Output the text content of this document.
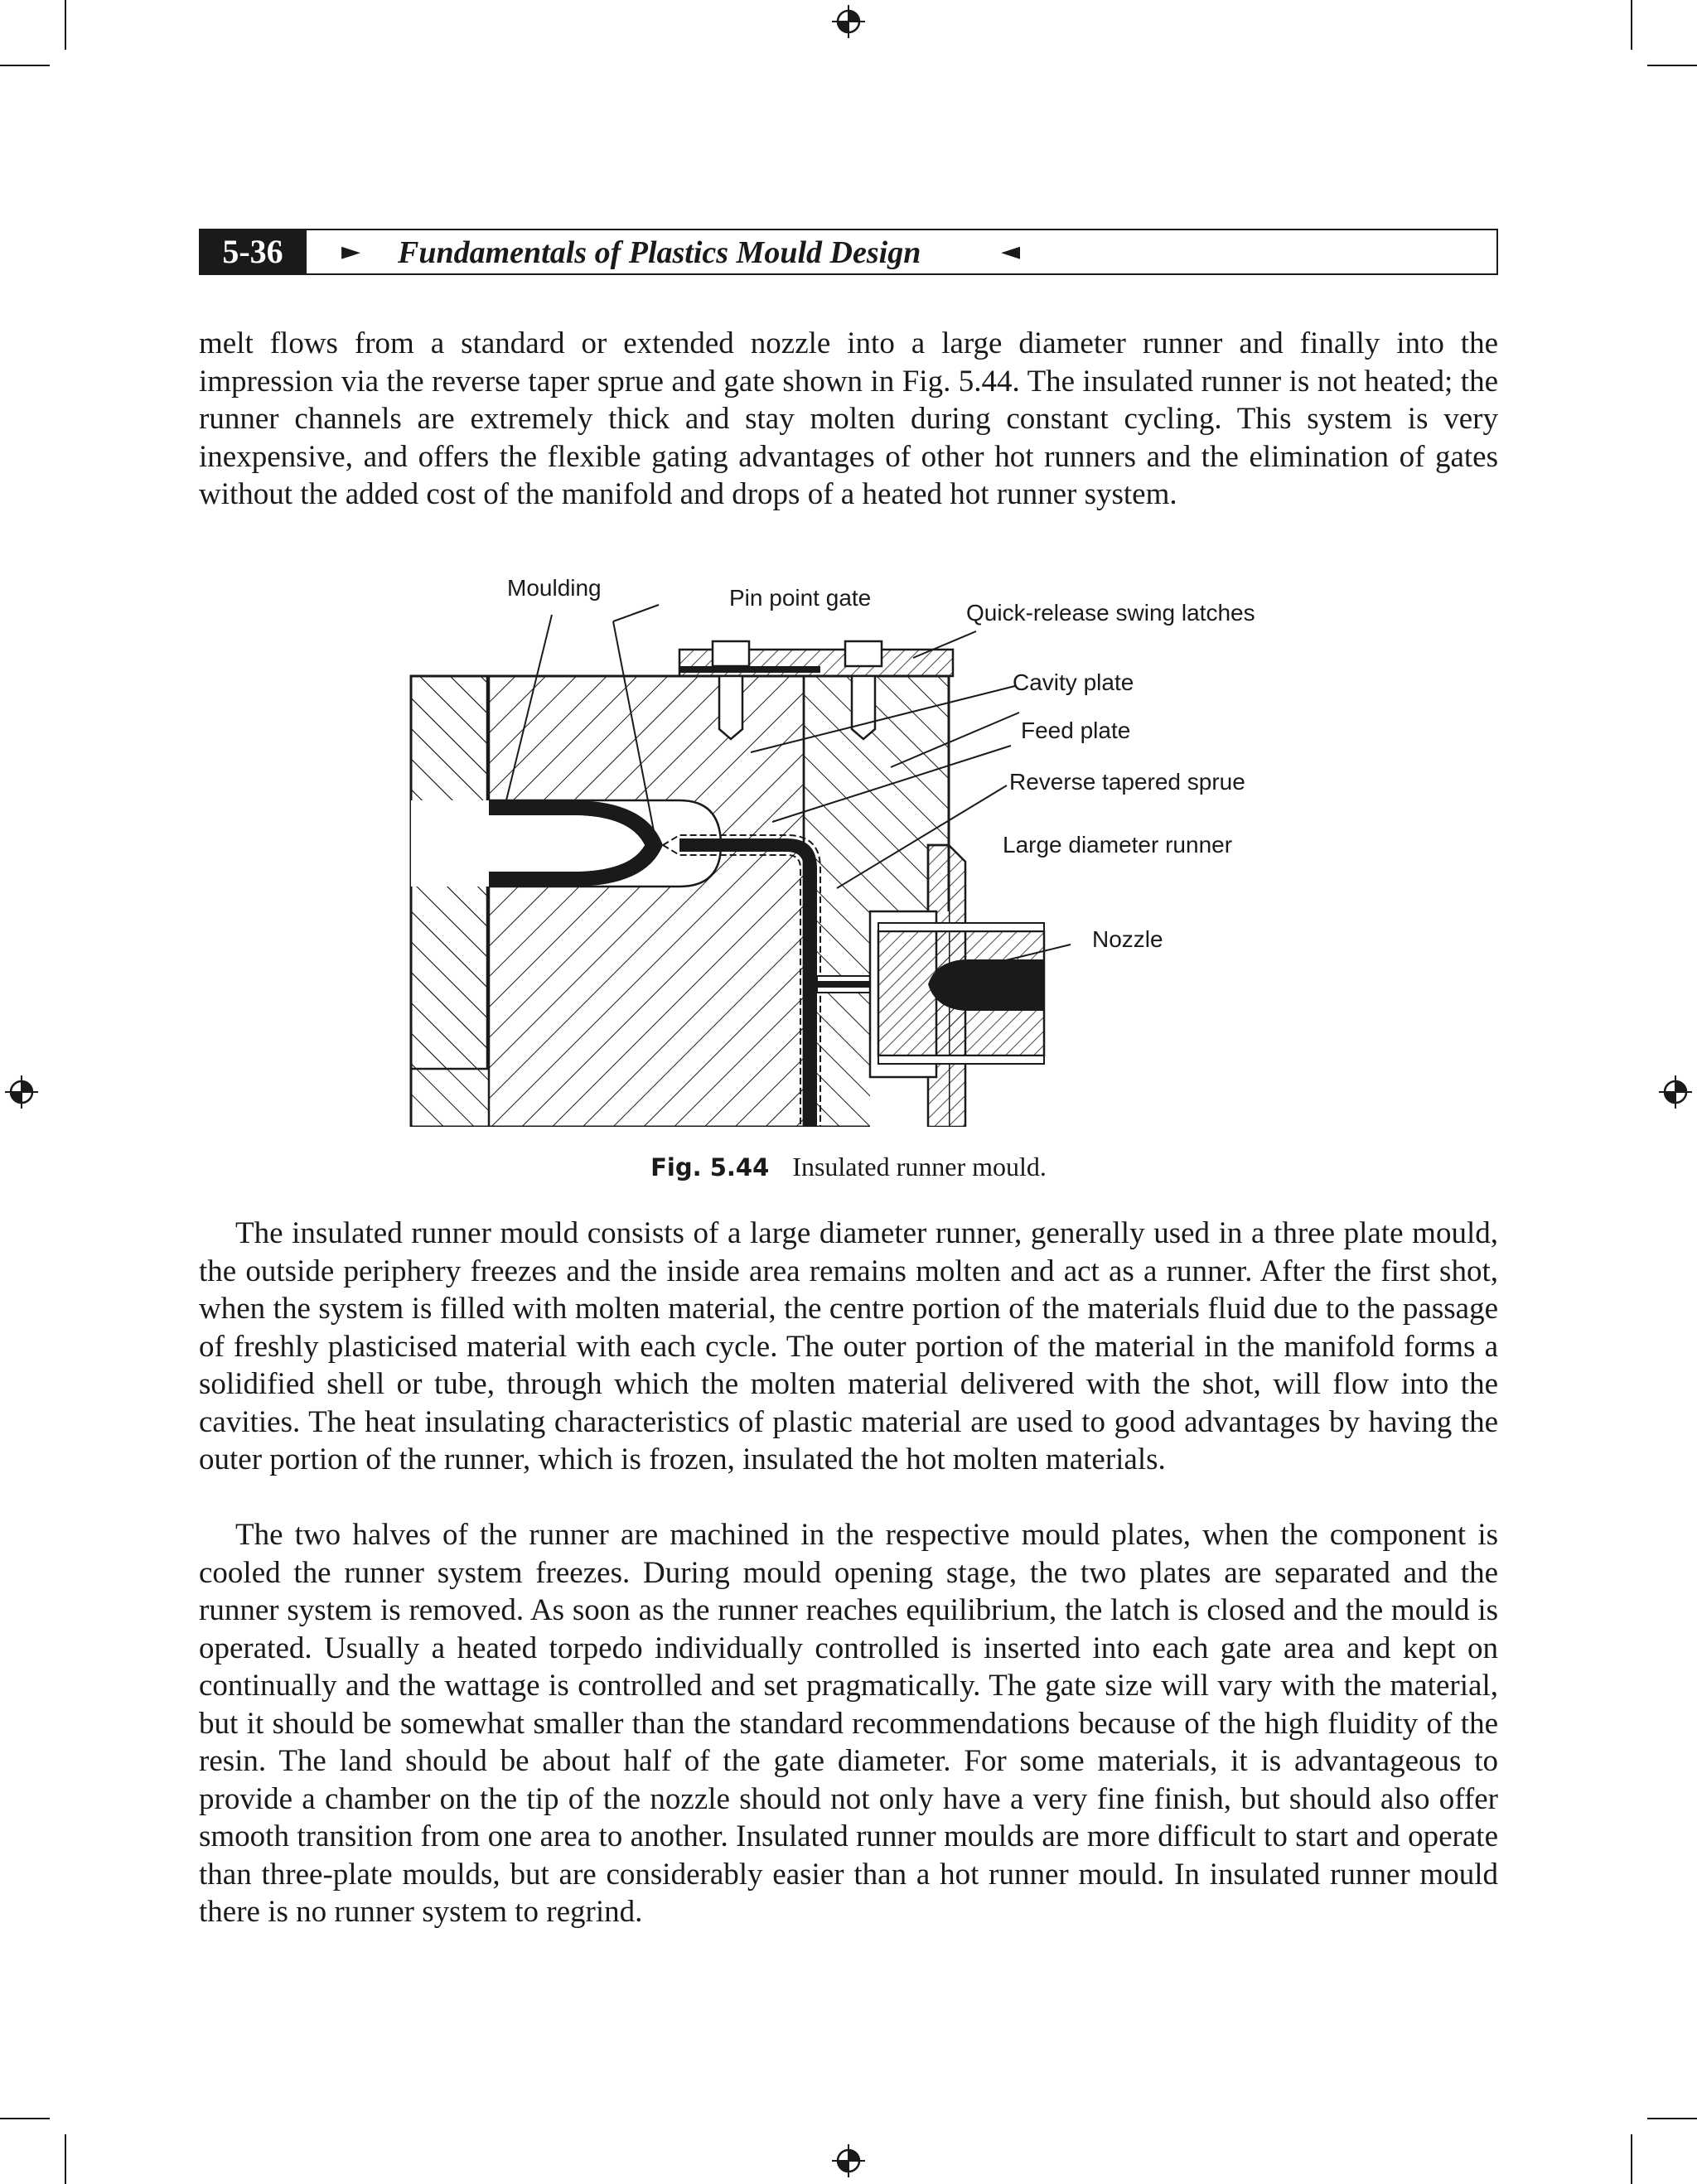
5-36	► Fundamentals of Plastics Mould Design	◄

melt flows from a standard or extended nozzle into a large diameter runner and finally into the impression via the reverse taper sprue and gate shown in Fig. 5.44. The insulated runner is not heated; the runner channels are extremely thick and stay molten during constant cycling. This system is very inexpensive, and offers the flexible gating advantages of other hot runners and the elimination of gates without the added cost of the manifold and drops of a heated hot runner system.

Moulding	Pin point gate
Quick-release swing latches
Cavity plate
Feed plate
Reverse tapered sprue
Large diameter runner
Nozzle
Fig. 5.44 Insulated runner mould.

The insulated runner mould consists of a large diameter runner, generally used in a three plate mould, the outside periphery freezes and the inside area remains molten and act as a runner. After the first shot, when the system is filled with molten material, the centre portion of the materials fluid due to the passage of freshly plasticised material with each cycle. The outer portion of the material in the manifold forms a solidified shell or tube, through which the molten material delivered with the shot, will flow into the cavities. The heat insulating characteristics of plastic material are used to good advantages by having the outer portion of the runner, which is frozen, insulated the hot molten materials.

The two halves of the runner are machined in the respective mould plates, when the component is cooled the runner system freezes. During mould opening stage, the two plates are separated and the runner system is removed. As soon as the runner reaches equilibrium, the latch is closed and the mould is operated. Usually a heated torpedo individually controlled is inserted into each gate area and kept on continually and the wattage is controlled and set pragmatically. The gate size will vary with the material, but it should be somewhat smaller than the standard recommendations because of the high fluidity of the resin. The land should be about half of the gate diameter. For some materials, it is advantageous to provide a chamber on the tip of the nozzle should not only have a very fine finish, but should also offer smooth transition from one area to another. Insulated runner moulds are more difficult to start and operate than three-plate moulds, but are considerably easier than a hot runner mould. In insulated runner mould there is no runner system to regrind.
